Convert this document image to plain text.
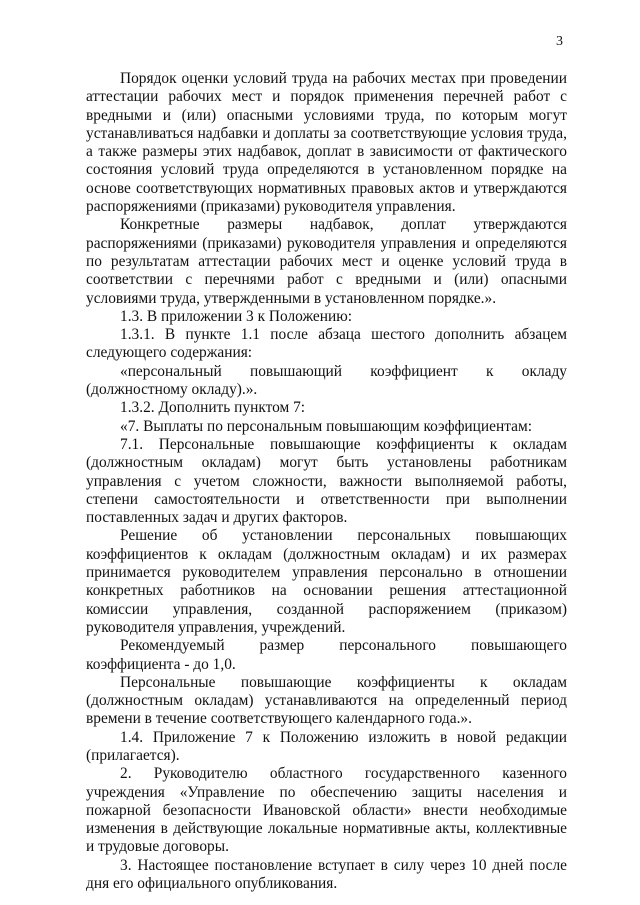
3

Порядок оценки условий труда на рабочих местах при проведении аттестации рабочих мест и порядок применения перечней работ с вредными и (или) опасными условиями труда, по которым могут устанавливаться надбавки и доплаты за соответствующие условия труда, а также размеры этих надбавок, доплат в зависимости от фактического состояния условий труда определяются в установленном порядке на основе соответствующих нормативных правовых актов и утверждаются распоряжениями (приказами) руководителя управления.

Конкретные размеры надбавок, доплат утверждаются распоряжениями (приказами) руководителя управления и определяются по результатам аттестации рабочих мест и оценке условий труда в соответствии с перечнями работ с вредными и (или) опасными условиями труда, утвержденными в установленном порядке.».

1.3. В приложении 3 к Положению:

1.3.1. В пункте 1.1 после абзаца шестого дополнить абзацем следующего содержания:

«персональный повышающий коэффициент к окладу (должностному окладу).».

1.3.2. Дополнить пунктом 7:

«7. Выплаты по персональным повышающим коэффициентам:

7.1. Персональные повышающие коэффициенты к окладам (должностным окладам) могут быть установлены работникам управления с учетом сложности, важности выполняемой работы, степени самостоятельности и ответственности при выполнении поставленных задач и других факторов.

Решение об установлении персональных повышающих коэффициентов к окладам (должностным окладам) и их размерах принимается руководителем управления персонально в отношении конкретных работников на основании решения аттестационной комиссии управления, созданной распоряжением (приказом) руководителя управления, учреждений.

Рекомендуемый размер персонального повышающего коэффициента - до 1,0.

Персональные повышающие коэффициенты к окладам (должностным окладам) устанавливаются на определенный период времени в течение соответствующего календарного года.».

1.4. Приложение 7 к Положению изложить в новой редакции (прилагается).

2. Руководителю областного государственного казенного учреждения «Управление по обеспечению защиты населения и пожарной безопасности Ивановской области» внести необходимые изменения в действующие локальные нормативные акты, коллективные и трудовые договоры.

3. Настоящее постановление вступает в силу через 10 дней после дня его официального опубликования.
